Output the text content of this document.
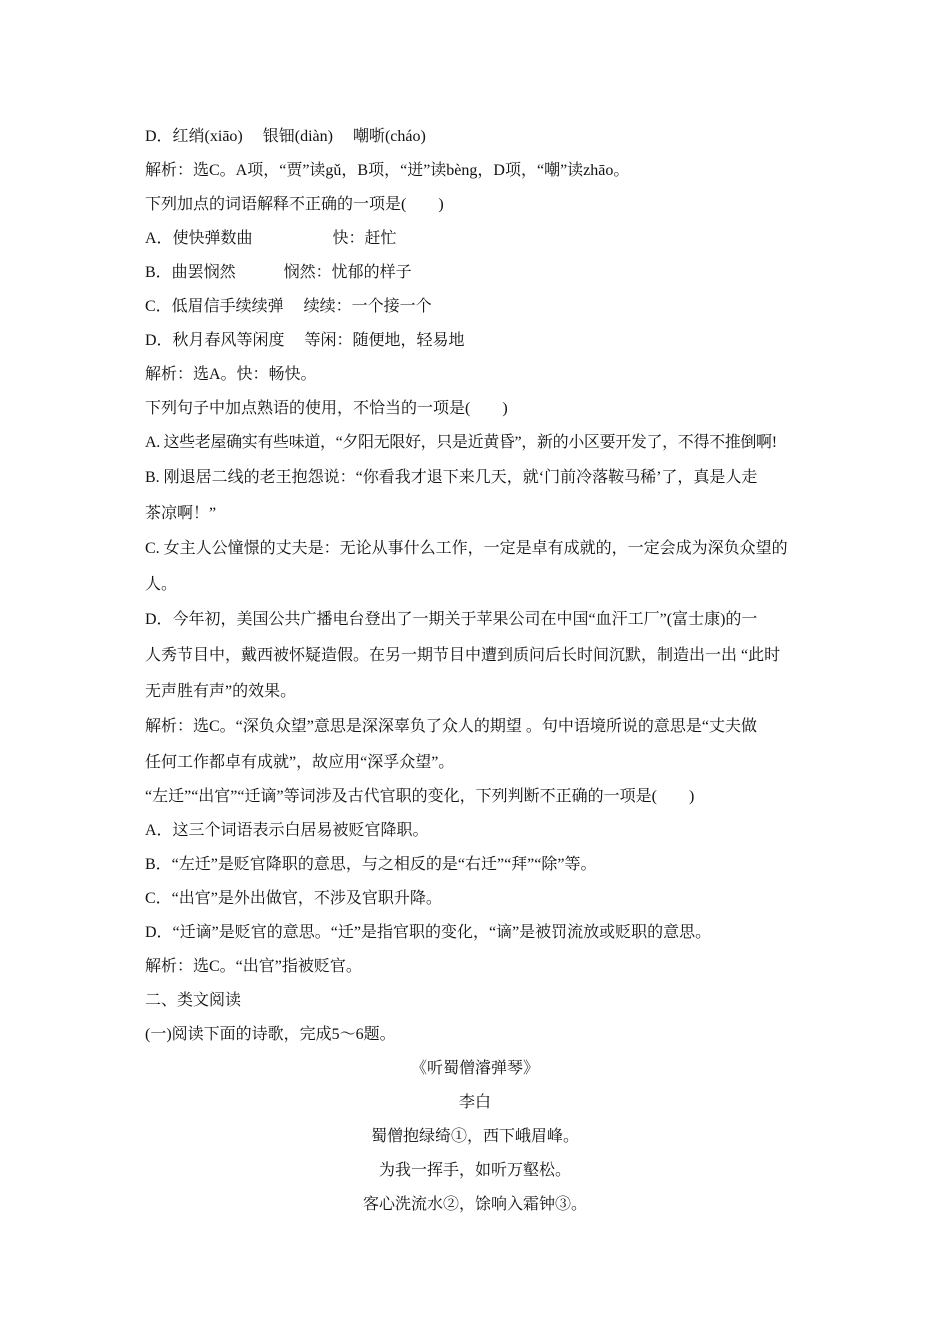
D．红绡(xiāo)　 银钿(diàn)　 嘲哳(cháo)
解析：选C。A项，“贾”读gǔ，B项，“迸”读bèng，D项，“嘲”读zhāo。
下列加点的词语解释不正确的一项是(　　)
A．使快弹数曲　　　　　快：赶忙
B．曲罢悯然　　　悯然：忧郁的样子
C．低眉信手续续弹　 续续：一个接一个
D．秋月春风等闲度　 等闲：随便地，轻易地
解析：选A。快：畅快。
下列句子中加点熟语的使用，不恰当的一项是(　　)
A. 这些老屋确实有些味道，“夕阳无限好，只是近黄昏”，新的小区要开发了，不得不推倒啊!
B. 刚退居二线的老王抱怨说：“你看我才退下来几天，就‘门前冷落鞍马稀’了，真是人走
茶凉啊！”
C. 女主人公憧憬的丈夫是：无论从事什么工作，一定是卓有成就的，一定会成为深负众望的
人。
D．今年初，美国公共广播电台登出了一期关于苹果公司在中国“血汗工厂”(富士康)的一
人秀节目中，戴西被怀疑造假。在另一期节目中遭到质问后长时间沉默，制造出一出 “此时
无声胜有声”的效果。
解析：选C。“深负众望”意思是深深辜负了众人的期望 。句中语境所说的意思是“丈夫做
任何工作都卓有成就”，故应用“深孚众望”。
“左迁”“出官”“迁谪”等词涉及古代官职的变化，下列判断不正确的一项是(　　)
A．这三个词语表示白居易被贬官降职。
B．“左迁”是贬官降职的意思，与之相反的是“右迁”“拜”“除”等。
C．“出官”是外出做官，不涉及官职升降。
D．“迁谪”是贬官的意思。“迁”是指官职的变化，“谪”是被罚流放或贬职的意思。
解析：选C。“出官”指被贬官。
二、类文阅读
(一)阅读下面的诗歌，完成5～6题。
《听蜀僧濬弹琴》
李白
蜀僧抱绿绮①，西下峨眉峰。
为我一挥手，如听万壑松。
客心洗流水②，馀响入霜钟③。
